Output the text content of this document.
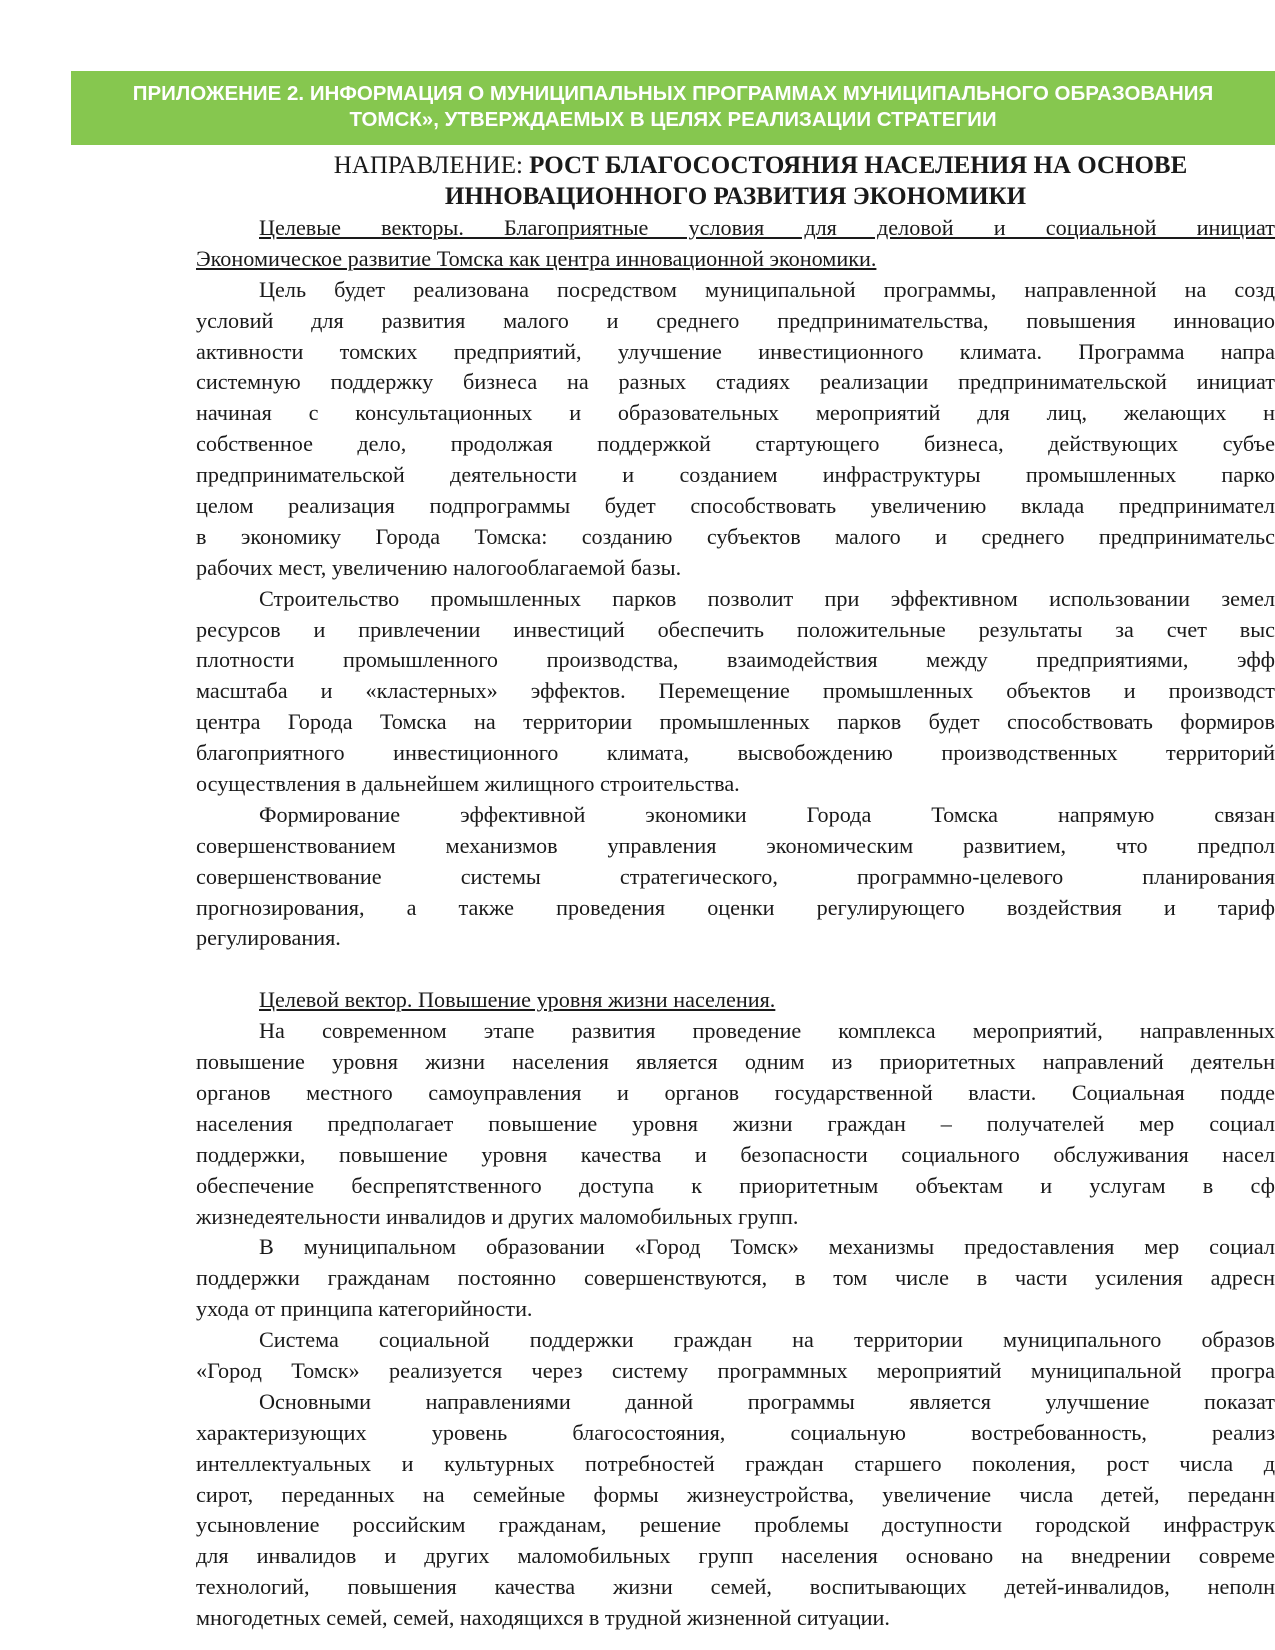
ПРИЛОЖЕНИЕ 2. ИНФОРМАЦИЯ О МУНИЦИПАЛЬНЫХ ПРОГРАММАХ МУНИЦИПАЛЬНОГО ОБРАЗОВАНИЯ
ТОМСК», УТВЕРЖДАЕМЫХ В ЦЕЛЯХ РЕАЛИЗАЦИИ СТРАТЕГИИ
НАПРАВЛЕНИЕ: РОСТ БЛАГОСОСТОЯНИЯ НАСЕЛЕНИЯ НА ОСНОВЕ
ИННОВАЦИОННОГО РАЗВИТИЯ ЭКОНОМИКИ
Целевые векторы. Благоприятные условия для деловой и социальной инициат
Экономическое развитие Томска как центра инновационной экономики.
Цель будет реализована посредством муниципальной программы, направленной на созд
условий для развития малого и среднего предпринимательства, повышения инновацио
активности томских предприятий, улучшение инвестиционного климата. Программа напра
системную поддержку бизнеса на разных стадиях реализации предпринимательской инициат
начиная с консультационных и образовательных мероприятий для лиц, желающих н
собственное дело, продолжая поддержкой стартующего бизнеса, действующих субъе
предпринимательской деятельности и созданием инфраструктуры промышленных парко
целом реализация подпрограммы будет способствовать увеличению вклада предпринимател
в экономику Города Томска: созданию субъектов малого и среднего предпринимательс
рабочих мест, увеличению налогооблагаемой базы.
Строительство промышленных парков позволит при эффективном использовании земел
ресурсов и привлечении инвестиций обеспечить положительные результаты за счет выс
плотности промышленного производства, взаимодействия между предприятиями, эфф
масштаба и «кластерных» эффектов. Перемещение промышленных объектов и производст
центра Города Томска на территории промышленных парков будет способствовать формиров
благоприятного инвестиционного климата, высвобождению производственных территорий
осуществления в дальнейшем жилищного строительства.
Формирование эффективной экономики Города Томска напрямую связан
совершенствованием механизмов управления экономическим развитием, что предпол
совершенствование системы стратегического, программно-целевого планирования
прогнозирования, а также проведения оценки регулирующего воздействия и тариф
регулирования.
Целевой вектор. Повышение уровня жизни населения.
На современном этапе развития проведение комплекса мероприятий, направленных
повышение уровня жизни населения является одним из приоритетных направлений деятельн
органов местного самоуправления и органов государственной власти. Социальная подде
населения предполагает повышение уровня жизни граждан – получателей мер социал
поддержки, повышение уровня качества и безопасности социального обслуживания насел
обеспечение беспрепятственного доступа к приоритетным объектам и услугам в сф
жизнедеятельности инвалидов и других маломобильных групп.
В муниципальном образовании «Город Томск» механизмы предоставления мер социал
поддержки гражданам постоянно совершенствуются, в том числе в части усиления адресн
ухода от принципа категорийности.
Система социальной поддержки граждан на территории муниципального образов
«Город Томск» реализуется через систему программных мероприятий муниципальной програ
Основными направлениями данной программы является улучшение показат
характеризующих уровень благосостояния, социальную востребованность, реализ
интеллектуальных и культурных потребностей граждан старшего поколения, рост числа д
сирот, переданных на семейные формы жизнеустройства, увеличение числа детей, переданн
усыновление российским гражданам, решение проблемы доступности городской инфраструк
для инвалидов и других маломобильных групп населения основано на внедрении совреме
технологий, повышения качества жизни семей, воспитывающих детей-инвалидов, неполн
многодетных семей, семей, находящихся в трудной жизненной ситуации.
